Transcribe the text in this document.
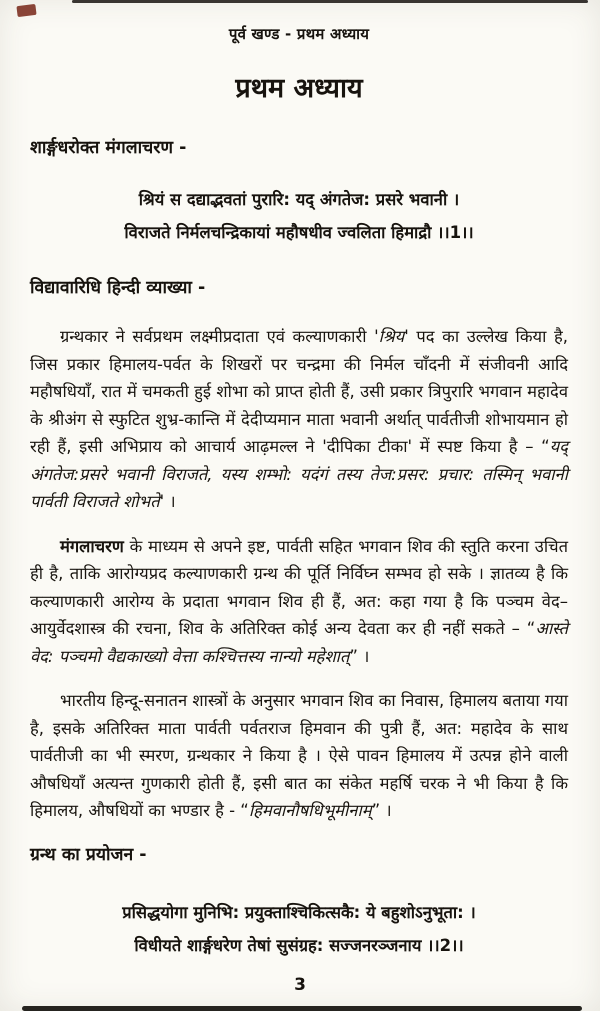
पूर्व खण्ड - प्रथम अध्याय
प्रथम अध्याय
शार्ङ्गधरोक्त मंगलाचरण -
श्रियं स दद्याद्भवतां पुरारि: यद् अंगतेज: प्रसरे भवानी ।
विराजते निर्मलचन्द्रिकायां महौषधीव ज्वलिता हिमाद्रौ ।।1।।
विद्यावारिधि हिन्दी व्याख्या -

ग्रन्थकार ने सर्वप्रथम लक्ष्मीप्रदाता एवं कल्याणकारी 'श्रिय' पद का उल्लेख किया है, जिस प्रकार हिमालय-पर्वत के शिखरों पर चन्द्रमा की निर्मल चाँदनी में संजीवनी आदि महौषधियाँ, रात में चमकती हुई शोभा को प्राप्त होती हैं, उसी प्रकार त्रिपुरारि भगवान महादेव के श्रीअंग से स्फुटित शुभ्र-कान्ति में देदीप्यमान माता भवानी अर्थात् पार्वतीजी शोभायमान हो रही हैं, इसी अभिप्राय को आचार्य आढ़मल्ल ने 'दीपिका टीका' में स्पष्ट किया है – “यद् अंगतेज:प्रसरे भवानी विराजते, यस्य शम्भो: यदंगं तस्य तेज:प्रसर: प्रचार: तस्मिन् भवानी पार्वती विराजते शोभते' ।

मंगलाचरण के माध्यम से अपने इष्ट, पार्वती सहित भगवान शिव की स्तुति करना उचित ही है, ताकि आरोग्यप्रद कल्याणकारी ग्रन्थ की पूर्ति निर्विघ्न सम्भव हो सके । ज्ञातव्य है कि कल्याणकारी आरोग्य के प्रदाता भगवान शिव ही हैं, अत: कहा गया है कि पञ्चम वेद– आयुर्वेदशास्त्र की रचना, शिव के अतिरिक्त कोई अन्य देवता कर ही नहीं सकते – “आस्ते वेद: पञ्चमो वैद्यकाख्यो वेत्ता कश्चित्तस्य नान्यो महेशात्” ।

भारतीय हिन्दू-सनातन शास्त्रों के अनुसार भगवान शिव का निवास, हिमालय बताया गया है, इसके अतिरिक्त माता पार्वती पर्वतराज हिमवान की पुत्री हैं, अत: महादेव के साथ पार्वतीजी का भी स्मरण, ग्रन्थकार ने किया है । ऐसे पावन हिमालय में उत्पन्न होने वाली औषधियाँ अत्यन्त गुणकारी होती हैं, इसी बात का संकेत महर्षि चरक ने भी किया है कि हिमालय, औषधियों का भण्डार है - “हिमवानौषधिभूमीनाम्” ।

ग्रन्थ का प्रयोजन -
प्रसिद्धयोगा मुनिभि: प्रयुक्ताश्चिकित्सकै: ये बहुशोऽनुभूता: ।
विधीयते शार्ङ्गधरेण तेषां सुसंग्रह: सज्जनरञ्जनाय ।।2।।
3
